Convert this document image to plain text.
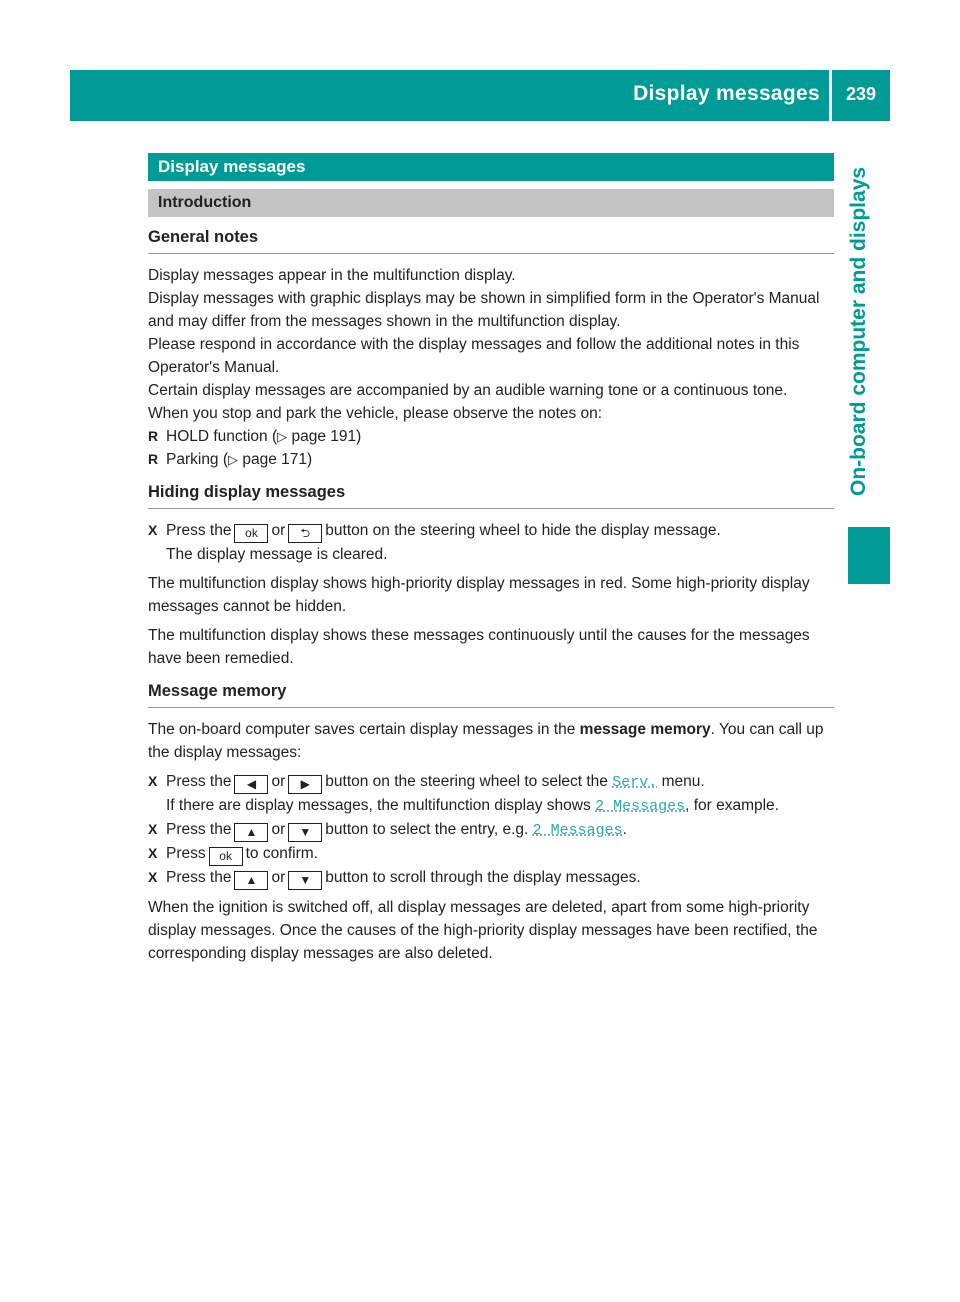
Display messages	239
On-board computer and displays
Display messages
Introduction
General notes

Display messages appear in the multifunction display.

Display messages with graphic displays may be shown in simplified form in the Operator's Manual and may differ from the messages shown in the multifunction display.

Please respond in accordance with the display messages and follow the additional notes in this Operator's Manual.

Certain display messages are accompanied by an audible warning tone or a continuous tone.

When you stop and park the vehicle, please observe the notes on:

R HOLD function (▷ page 191)
R Parking (▷ page 171)
Hiding display messages
X Press the ok or ⮌ button on the steering wheel to hide the display message.
The display message is cleared.

The multifunction display shows high-priority display messages in red. Some high-priority display messages cannot be hidden.

The multifunction display shows these messages continuously until the causes for the messages have been remedied.

Message memory

The on-board computer saves certain display messages in the message memory. You can call up the display messages:

X Press the ◀ or ▶ button on the steering wheel to select the Serv. menu.
If there are display messages, the multifunction display shows 2 Messages, for example.
X Press the ▲ or ▼ button to select the entry, e.g. 2 Messages.
X Press ok to confirm.
X Press the ▲ or ▼ button to scroll through the display messages.

When the ignition is switched off, all display messages are deleted, apart from some high-priority display messages. Once the causes of the high-priority display messages have been rectified, the corresponding display messages are also deleted.
